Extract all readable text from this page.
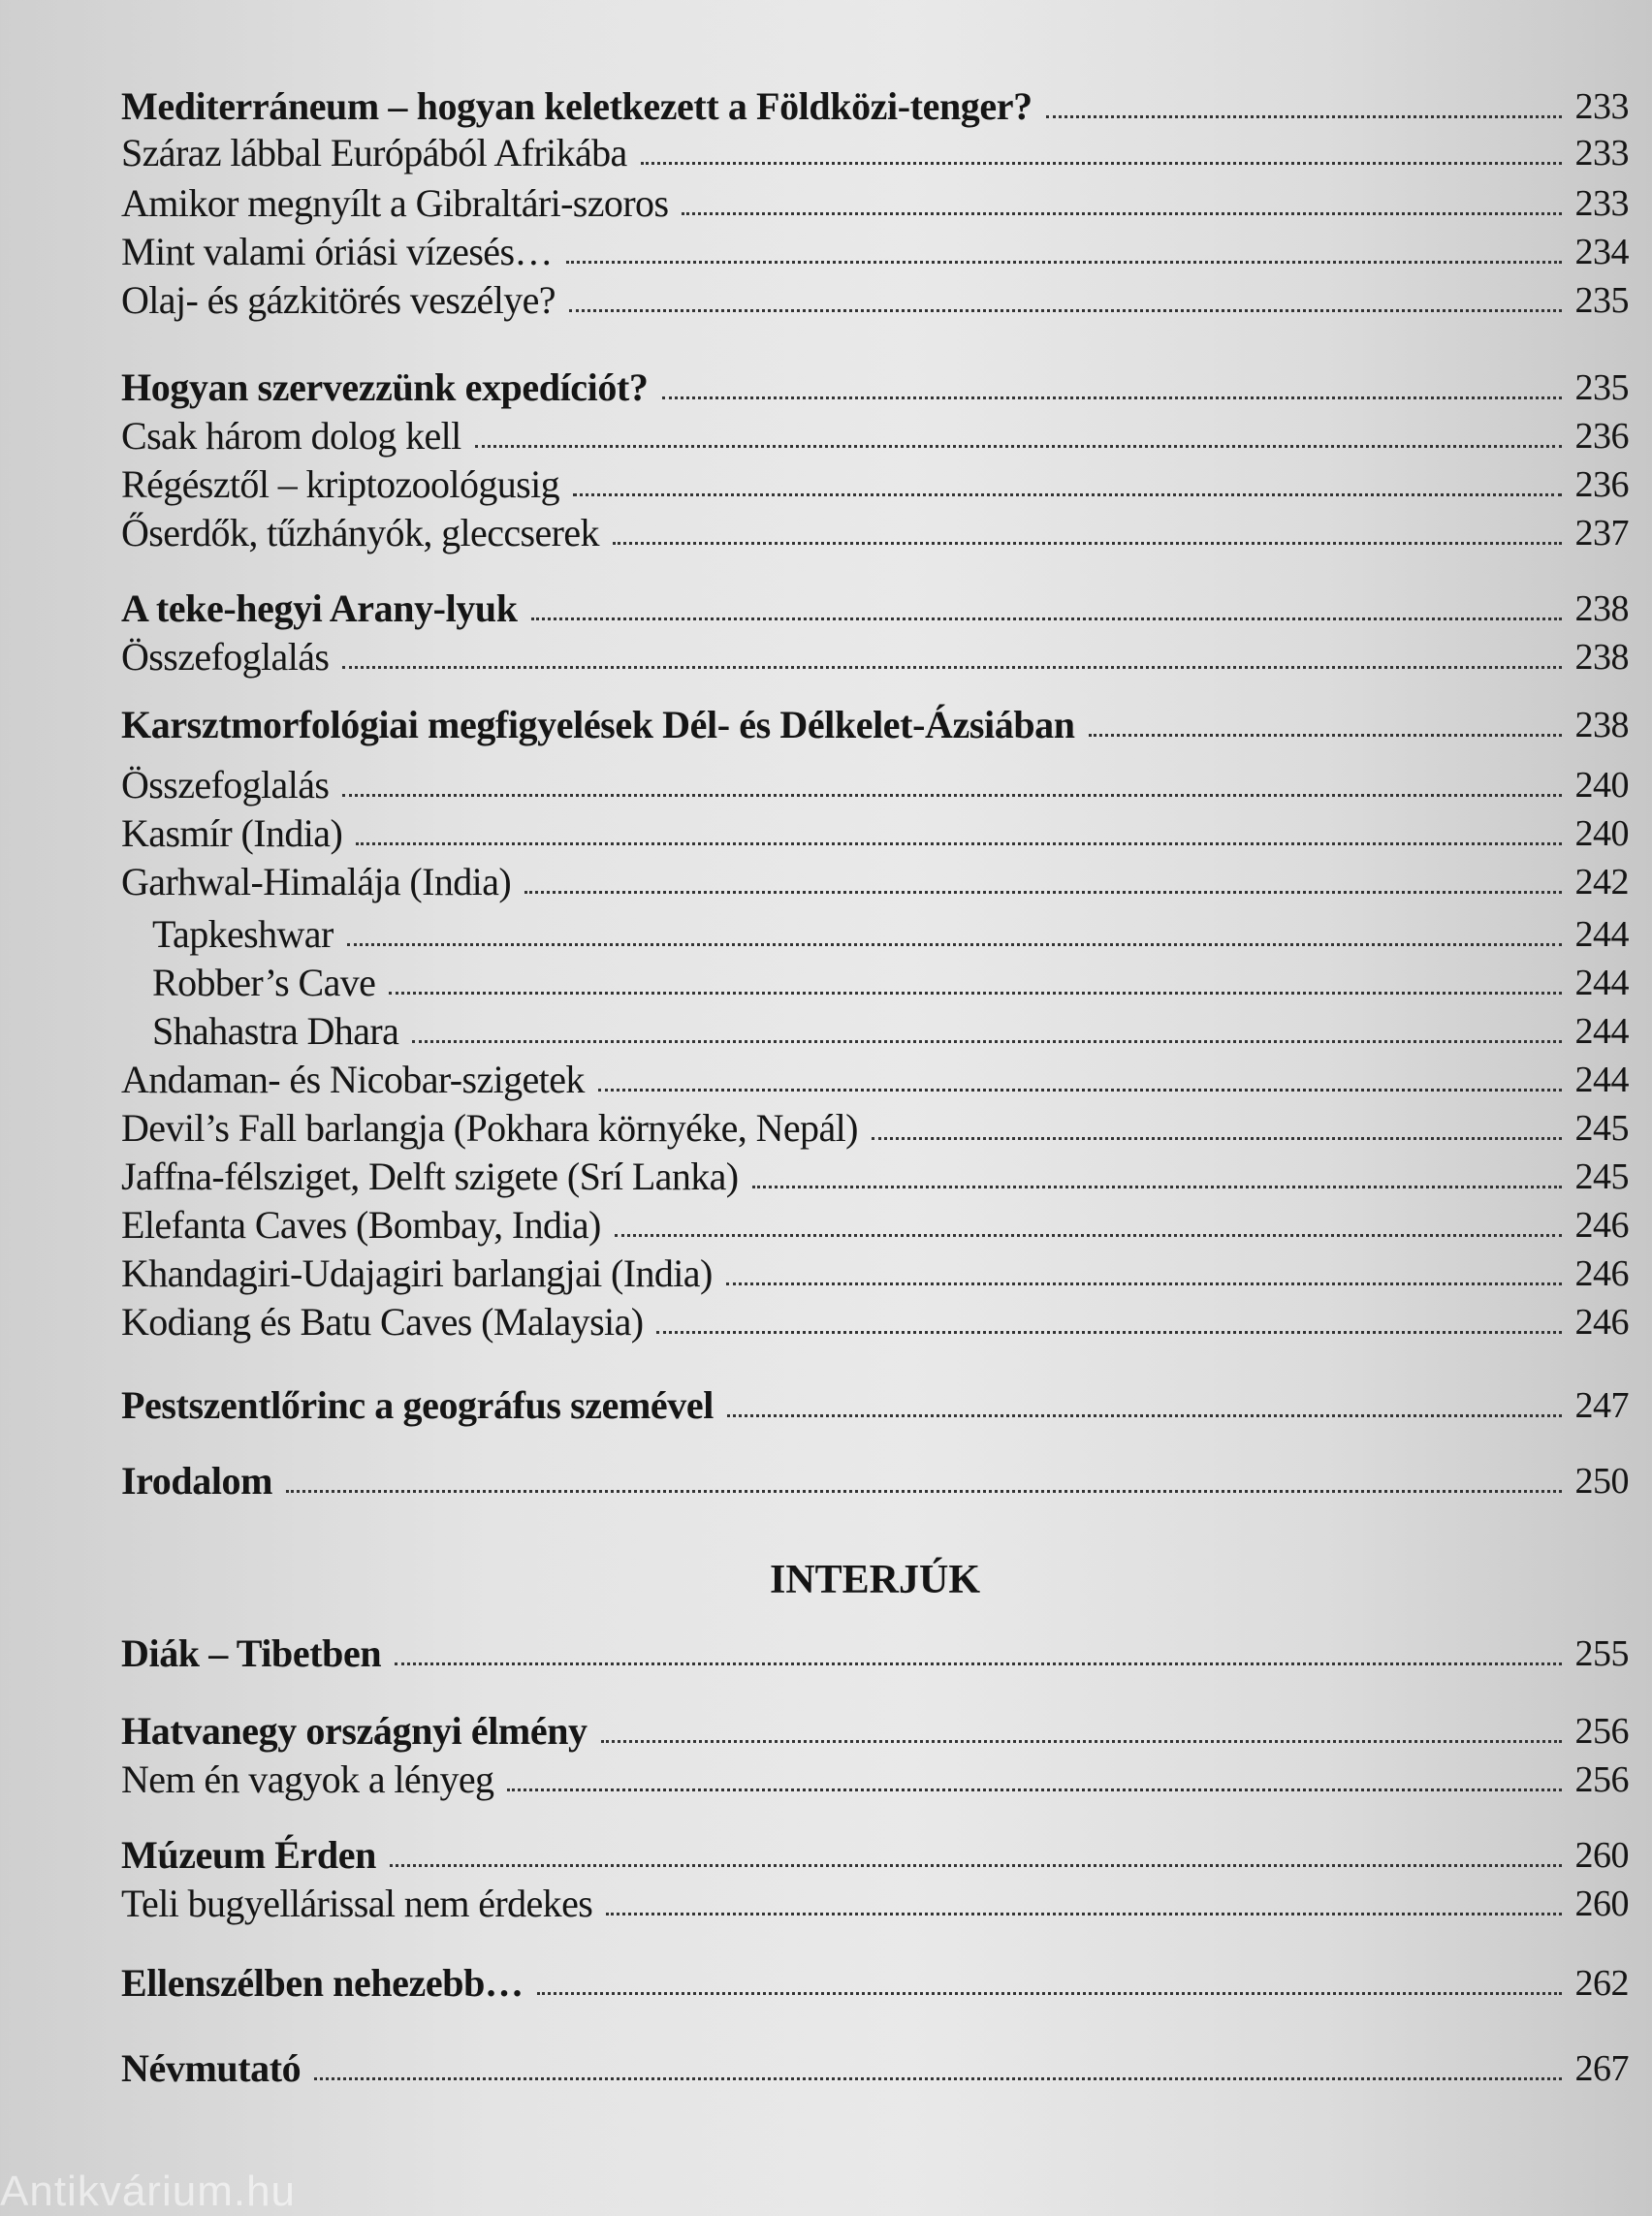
Mediterráneum – hogyan keletkezett a Földközi-tenger?	233
Száraz lábbal Európából Afrikába	233
Amikor megnyílt a Gibraltári-szoros	233
Mint valami óriási vízesés…	234
Olaj- és gázkitörés veszélye?	235
Hogyan szervezzünk expedíciót?	235
Csak három dolog kell	236
Régésztől – kriptozoológusig	236
Őserdők, tűzhányók, gleccserek	237
A teke-hegyi Arany-lyuk	238
Összefoglalás	238
Karsztmorfológiai megfigyelések Dél- és Délkelet-Ázsiában	238
Összefoglalás	240
Kasmír (India)	240
Garhwal-Himalája (India)	242
Tapkeshwar	244
Robber’s Cave	244
Shahastra Dhara	244
Andaman- és Nicobar-szigetek	244
Devil’s Fall barlangja (Pokhara környéke, Nepál)	245
Jaffna-félsziget, Delft szigete (Srí Lanka)	245
Elefanta Caves (Bombay, India)	246
Khandagiri-Udajagiri barlangjai (India)	246
Kodiang és Batu Caves (Malaysia)	246
Pestszentlőrinc a geográfus szemével	247
Irodalom	250
INTERJÚK
Diák – Tibetben	255
Hatvanegy országnyi élmény	256
Nem én vagyok a lényeg	256
Múzeum Érden	260
Teli bugyellárissal nem érdekes	260
Ellenszélben nehezebb…	262
Névmutató	267
Antikvárium.hu
